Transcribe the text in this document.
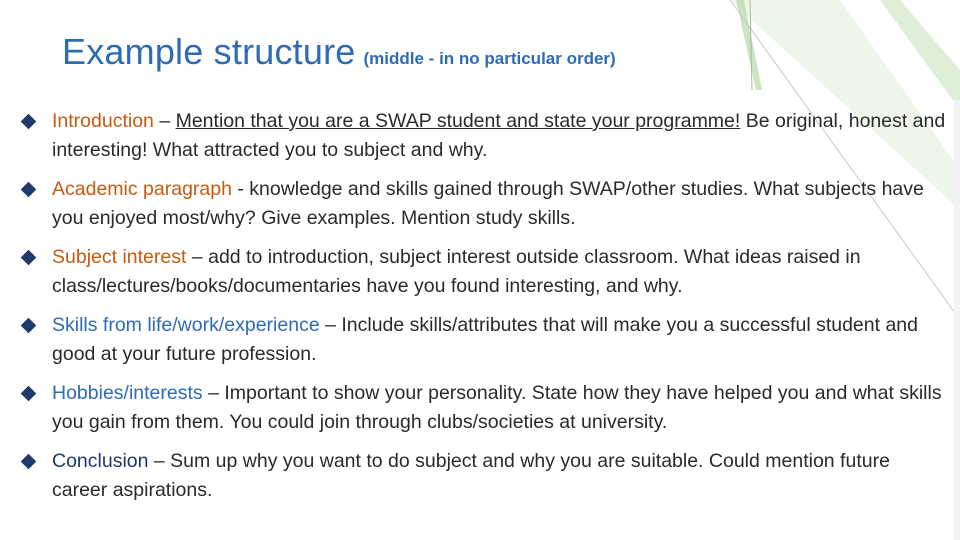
Example structure (middle - in no particular order)
Introduction – Mention that you are a SWAP student and state your programme! Be original, honest and interesting! What attracted you to subject and why.
Academic paragraph - knowledge and skills gained through SWAP/other studies. What subjects have you enjoyed most/why? Give examples. Mention study skills.
Subject interest – add to introduction, subject interest outside classroom. What ideas raised in class/lectures/books/documentaries have you found interesting, and why.
Skills from life/work/experience – Include skills/attributes that will make you a successful student and good at your future profession.
Hobbies/interests – Important to show your personality. State how they have helped you and what skills you gain from them. You could join through clubs/societies at university.
Conclusion – Sum up why you want to do subject and why you are suitable. Could mention future career aspirations.
